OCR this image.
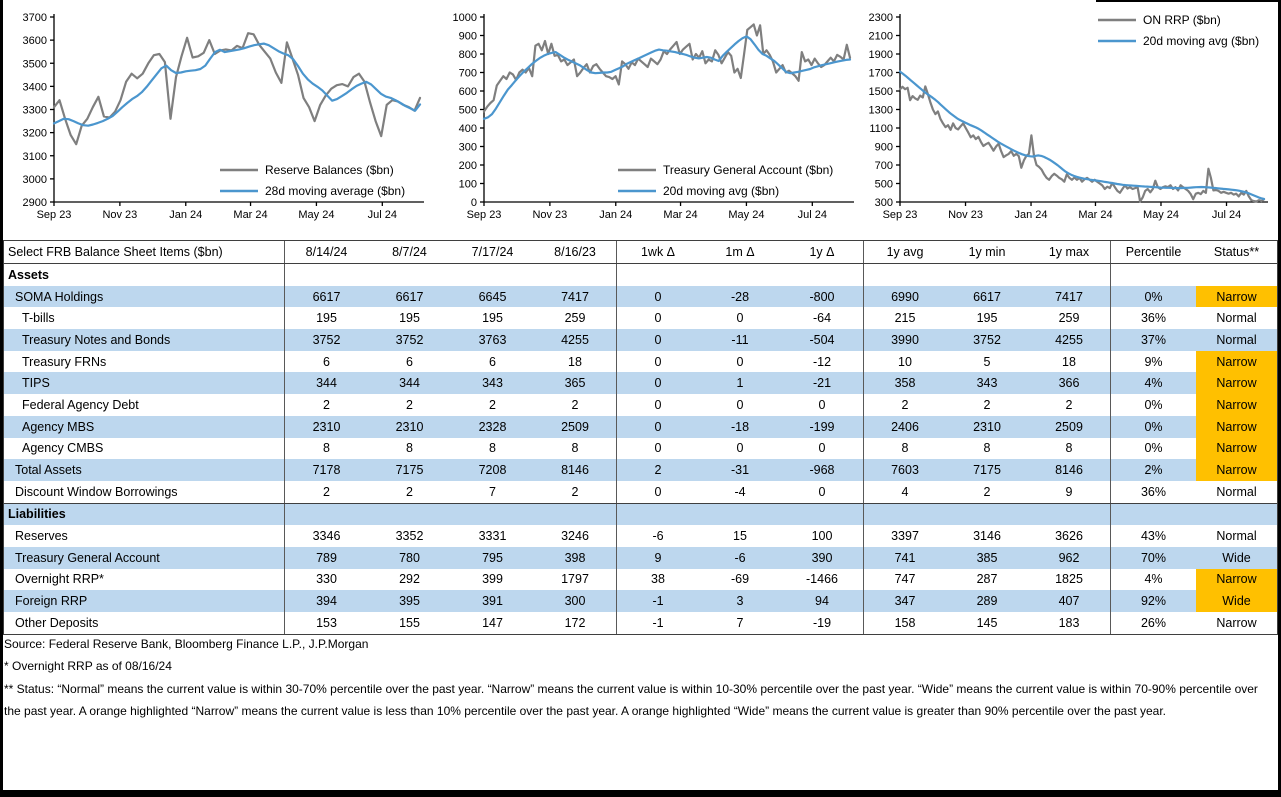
2900
3000
3100
3200
3300
3400
3500
3600
3700
Sep 23	Nov 23	Jan 24	Mar 24	May 24	Jul 24
Reserve Balances ($bn)
28d moving average ($bn)
0
100
200
300
400
500
600
700
800
900
1000
Sep 23	Nov 23	Jan 24	Mar 24	May 24	Jul 24
Treasury General Account ($bn)
20d moving avg ($bn)
300
500
700
900
1100
1300
1500
1700
1900
2100
2300
Sep 23	Nov 23	Jan 24	Mar 24	May 24	Jul 24
ON RRP ($bn)
20d moving avg ($bn)
Select FRB Balance Sheet Items ($bn)	8/14/24	8/7/24	7/17/24	8/16/23	1wk Δ	1m Δ	1y Δ	1y avg	1y min	1y max	Percentile	Status**
Assets
SOMA Holdings	6617	6617	6645	7417	0	-28	-800	6990	6617	7417	0%	Narrow
T-bills	195	195	195	259	0	0	-64	215	195	259	36%	Normal
Treasury Notes and Bonds	3752	3752	3763	4255	0	-11	-504	3990	3752	4255	37%	Normal
Treasury FRNs	6	6	6	18	0	0	-12	10	5	18	9%	Narrow
TIPS	344	344	343	365	0	1	-21	358	343	366	4%	Narrow
Federal Agency Debt	2	2	2	2	0	0	0	2	2	2	0%	Narrow
Agency MBS	2310	2310	2328	2509	0	-18	-199	2406	2310	2509	0%	Narrow
Agency CMBS	8	8	8	8	0	0	0	8	8	8	0%	Narrow
Total Assets	7178	7175	7208	8146	2	-31	-968	7603	7175	8146	2%	Narrow
Discount Window Borrowings	2	2	7	2	0	-4	0	4	2	9	36%	Normal
Liabilities
Reserves	3346	3352	3331	3246	-6	15	100	3397	3146	3626	43%	Normal
Treasury General Account	789	780	795	398	9	-6	390	741	385	962	70%	Wide
Overnight RRP*	330	292	399	1797	38	-69	-1466	747	287	1825	4%	Narrow
Foreign RRP	394	395	391	300	-1	3	94	347	289	407	92%	Wide
Other Deposits	153	155	147	172	-1	7	-19	158	145	183	26%	Narrow
Source: Federal Reserve Bank, Bloomberg Finance L.P., J.P.Morgan
* Overnight RRP as of 08/16/24
** Status: “Normal” means the current value is within 30-70% percentile over the past year. “Narrow” means the current value is within 10-30% percentile over the past year. “Wide” means the current value is within 70-90% percentile over the past year. A orange highlighted “Narrow” means the current value is less than 10% percentile over the past year. A orange highlighted “Wide” means the current value is greater than 90% percentile over the past year.
